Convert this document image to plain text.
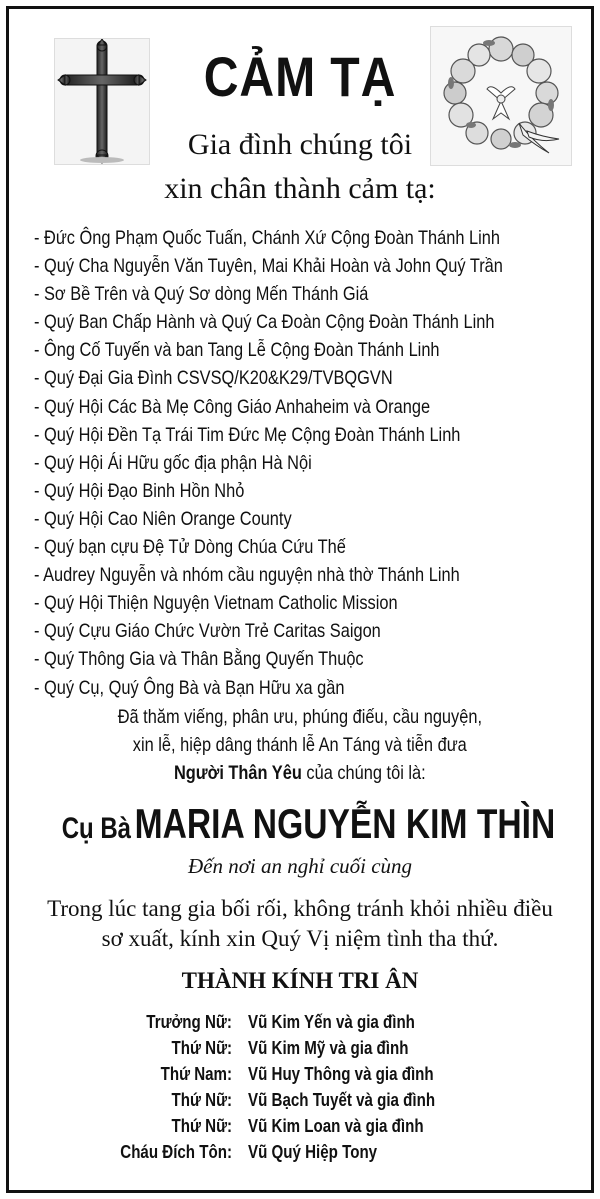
CẢM TẠ
Gia đình chúng tôi
xin chân thành cảm tạ:
- Đức Ông Phạm Quốc Tuấn, Chánh Xứ Cộng Đoàn Thánh Linh
- Quý Cha Nguyễn Văn Tuyên, Mai Khải Hoàn và John Quý Trần
- Sơ Bề Trên và Quý Sơ dòng Mến Thánh Giá
- Quý Ban Chấp Hành và Quý Ca Đoàn Cộng Đoàn Thánh Linh
- Ông Cố Tuyến và ban Tang Lễ Cộng Đoàn Thánh Linh
- Quý Đại Gia Đình CSVSQ/K20&K29/TVBQGVN
- Quý Hội Các Bà Mẹ Công Giáo Anhaheim và Orange
- Quý Hội Đền Tạ Trái Tim Đức Mẹ Cộng Đoàn Thánh Linh
- Quý Hội Ái Hữu gốc địa phận Hà Nội
- Quý Hội Đạo Binh Hồn Nhỏ
- Quý Hội Cao Niên Orange County
- Quý bạn cựu Đệ Tử Dòng Chúa Cứu Thế
- Audrey Nguyễn và nhóm cầu nguyện nhà thờ Thánh Linh
- Quý Hội Thiện Nguyện Vietnam Catholic Mission
- Quý Cựu Giáo Chức Vườn Trẻ Caritas Saigon
- Quý Thông Gia và Thân Bằng Quyến Thuộc
- Quý Cụ, Quý Ông Bà và Bạn Hữu xa gần
Đã thăm viếng, phân ưu, phúng điếu, cầu nguyện,
xin lễ, hiệp dâng thánh lễ An Táng và tiễn đưa
Người Thân Yêu của chúng tôi là:
Cụ Bà MARIA NGUYỄN KIM THÌN
Đến nơi an nghỉ cuối cùng
Trong lúc tang gia bối rối, không tránh khỏi nhiều điều
sơ xuất, kính xin Quý Vị niệm tình tha thứ.
THÀNH KÍNH TRI ÂN
Trưởng Nữ: Vũ Kim Yến và gia đình
Thứ Nữ: Vũ Kim Mỹ và gia đình
Thứ Nam: Vũ Huy Thông và gia đình
Thứ Nữ: Vũ Bạch Tuyết và gia đình
Thứ Nữ: Vũ Kim Loan và gia đình
Cháu Đích Tôn: Vũ Quý Hiệp Tony
